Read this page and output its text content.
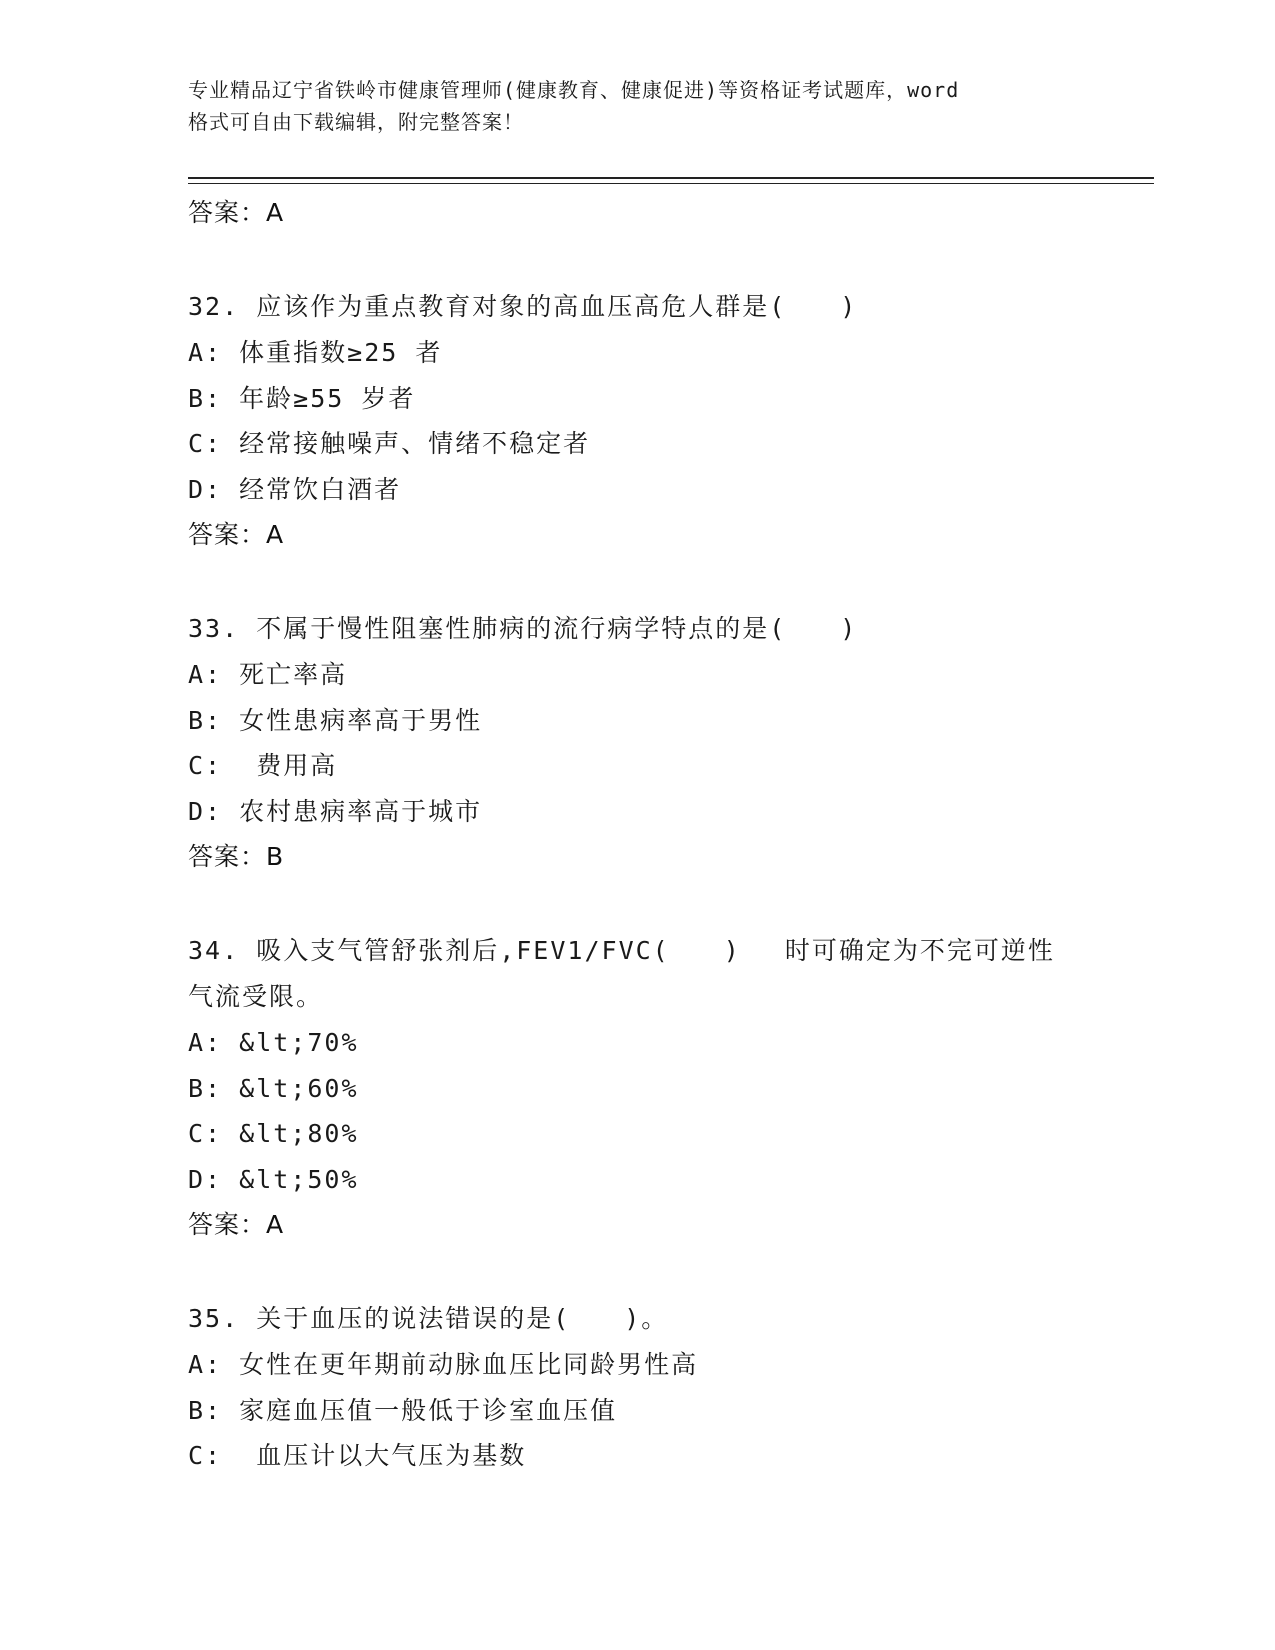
专业精品辽宁省铁岭市健康管理师(健康教育、健康促进)等资格证考试题库，word
格式可自由下载编辑，附完整答案！
答案：A
32. 应该作为重点教育对象的高血压高危人群是(　　)
A: 体重指数≥25 者
B: 年龄≥55 岁者
C: 经常接触噪声、情绪不稳定者
D: 经常饮白酒者
答案：A
33. 不属于慢性阻塞性肺病的流行病学特点的是(　　)
A: 死亡率高
B: 女性患病率高于男性
C:  费用高
D: 农村患病率高于城市
答案：B
34. 吸入支气管舒张剂后,FEV1/FVC(　　)　 时可确定为不完可逆性
气流受限。
A: &lt;70%
B: &lt;60%
C: &lt;80%
D: &lt;50%
答案：A
35. 关于血压的说法错误的是(　　)。
A: 女性在更年期前动脉血压比同龄男性高
B: 家庭血压值一般低于诊室血压值
C:  血压计以大气压为基数
